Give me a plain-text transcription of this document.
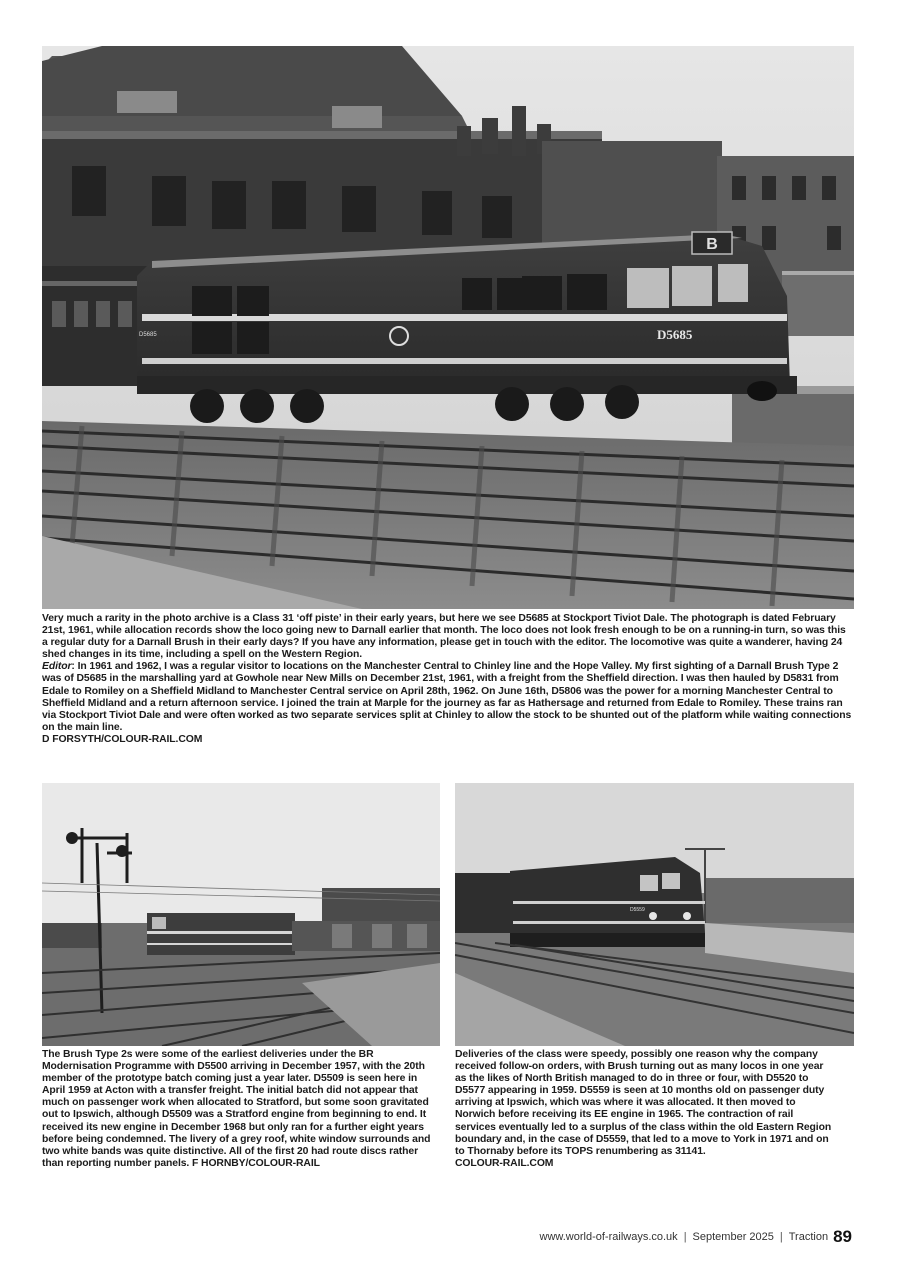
B
D5685
D5685

Very much a rarity in the photo archive is a Class 31 ‘off piste’ in their early years, but here we see D5685 at Stockport Tiviot Dale. The photograph is dated February 21st, 1961, while allocation records show the loco going new to Darnall earlier that month. The loco does not look fresh enough to be on a running-in turn, so was this a regular duty for a Darnall Brush in their early days? If you have any information, please get in touch with the editor. The locomotive was quite a wanderer, having 24 shed changes in its time, including a spell on the Western Region.

Editor: In 1961 and 1962, I was a regular visitor to locations on the Manchester Central to Chinley line and the Hope Valley. My first sighting of a Darnall Brush Type 2 was of D5685 in the marshalling yard at Gowhole near New Mills on December 21st, 1961, with a freight from the Sheffield direction. I was then hauled by D5831 from Edale to Romiley on a Sheffield Midland to Manchester Central service on April 28th, 1962. On June 16th, D5806 was the power for a morning Manchester Central to Sheffield Midland and a return afternoon service. I joined the train at Marple for the journey as far as Hathersage and returned from Edale to Romiley. These trains ran via Stockport Tiviot Dale and were often worked as two separate services split at Chinley to allow the stock to be shunted out of the platform while waiting connections on the main line.

D FORSYTH/COLOUR-RAIL.COM
D5559
The Brush Type 2s were some of the earliest deliveries under the BR Modernisation Programme with D5500 arriving in December 1957, with the 20th member of the prototype batch coming just a year later. D5509 is seen here in April 1959 at Acton with a transfer freight. The initial batch did not appear that much on passenger work when allocated to Stratford, but some soon gravitated out to Ipswich, although D5509 was a Stratford engine from beginning to end. It received its new engine in December 1968 but only ran for a further eight years before being condemned. The livery of a grey roof, white window surrounds and two white bands was quite distinctive. All of the first 20 had route discs rather than reporting number panels. F HORNBY/COLOUR-RAIL
Deliveries of the class were speedy, possibly one reason why the company received follow-on orders, with Brush turning out as many locos in one year as the likes of North British managed to do in three or four, with D5520 to D5577 appearing in 1959. D5559 is seen at 10 months old on passenger duty arriving at Ipswich, which was where it was allocated. It then moved to Norwich before receiving its EE engine in 1965. The contraction of rail services eventually led to a surplus of the class within the old Eastern Region boundary and, in the case of D5559, that led to a move to York in 1971 and on to Thornaby before its TOPS renumbering as 31141.
COLOUR-RAIL.COM
www.world-of-railways.co.uk | September 2025 | Traction 89
